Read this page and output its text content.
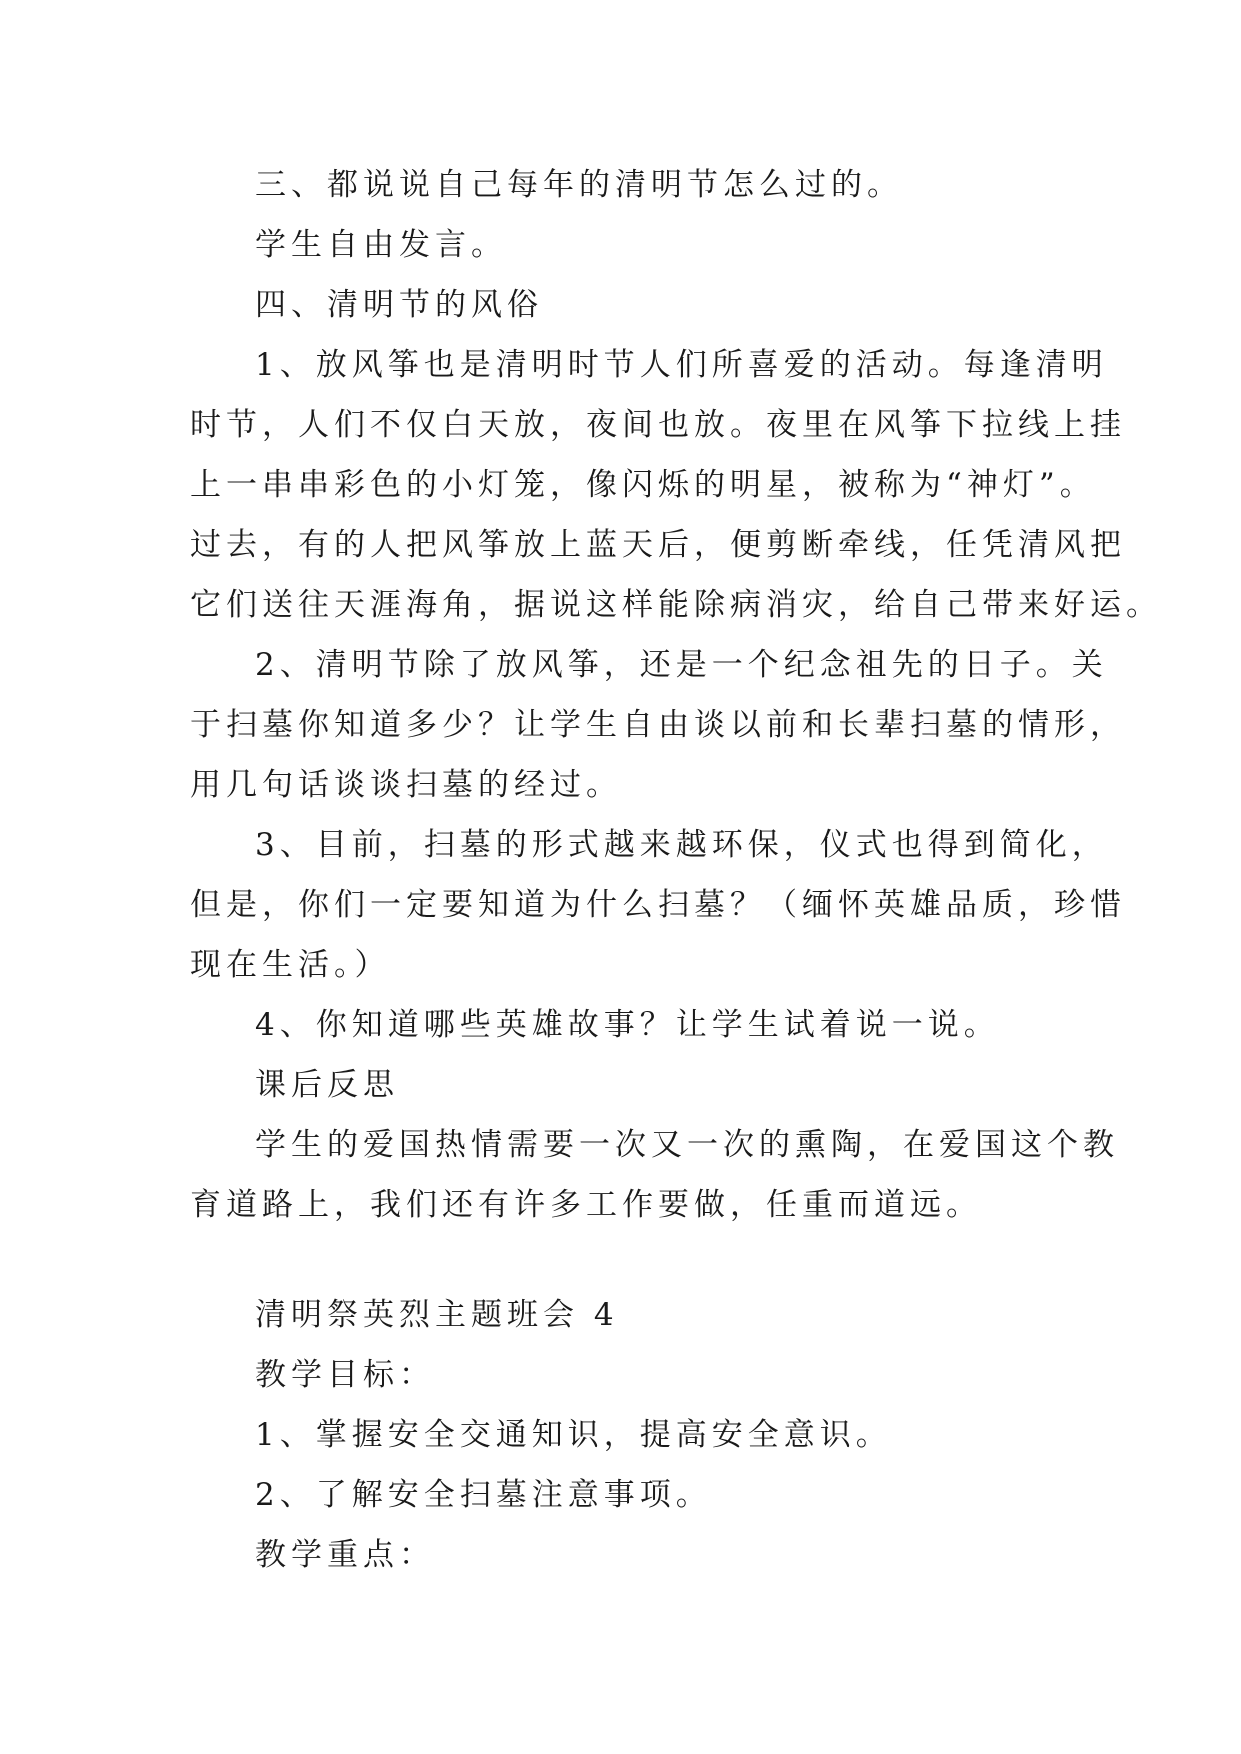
三、都说说自己每年的清明节怎么过的。
学生自由发言。
四、清明节的风俗
1、放风筝也是清明时节人们所喜爱的活动。每逢清明
时节，人们不仅白天放，夜间也放。夜里在风筝下拉线上挂
上一串串彩色的小灯笼，像闪烁的明星，被称为“神灯”。
过去，有的人把风筝放上蓝天后，便剪断牵线，任凭清风把
它们送往天涯海角，据说这样能除病消灾，给自己带来好运。
2、清明节除了放风筝，还是一个纪念祖先的日子。关
于扫墓你知道多少？让学生自由谈以前和长辈扫墓的情形，
用几句话谈谈扫墓的经过。
3、目前，扫墓的形式越来越环保，仪式也得到简化，
但是，你们一定要知道为什么扫墓？（缅怀英雄品质，珍惜
现在生活。）
4、你知道哪些英雄故事？让学生试着说一说。
课后反思
学生的爱国热情需要一次又一次的熏陶，在爱国这个教
育道路上，我们还有许多工作要做，任重而道远。
清明祭英烈主题班会 4
教学目标：
1、掌握安全交通知识，提高安全意识。
2、了解安全扫墓注意事项。
教学重点：
